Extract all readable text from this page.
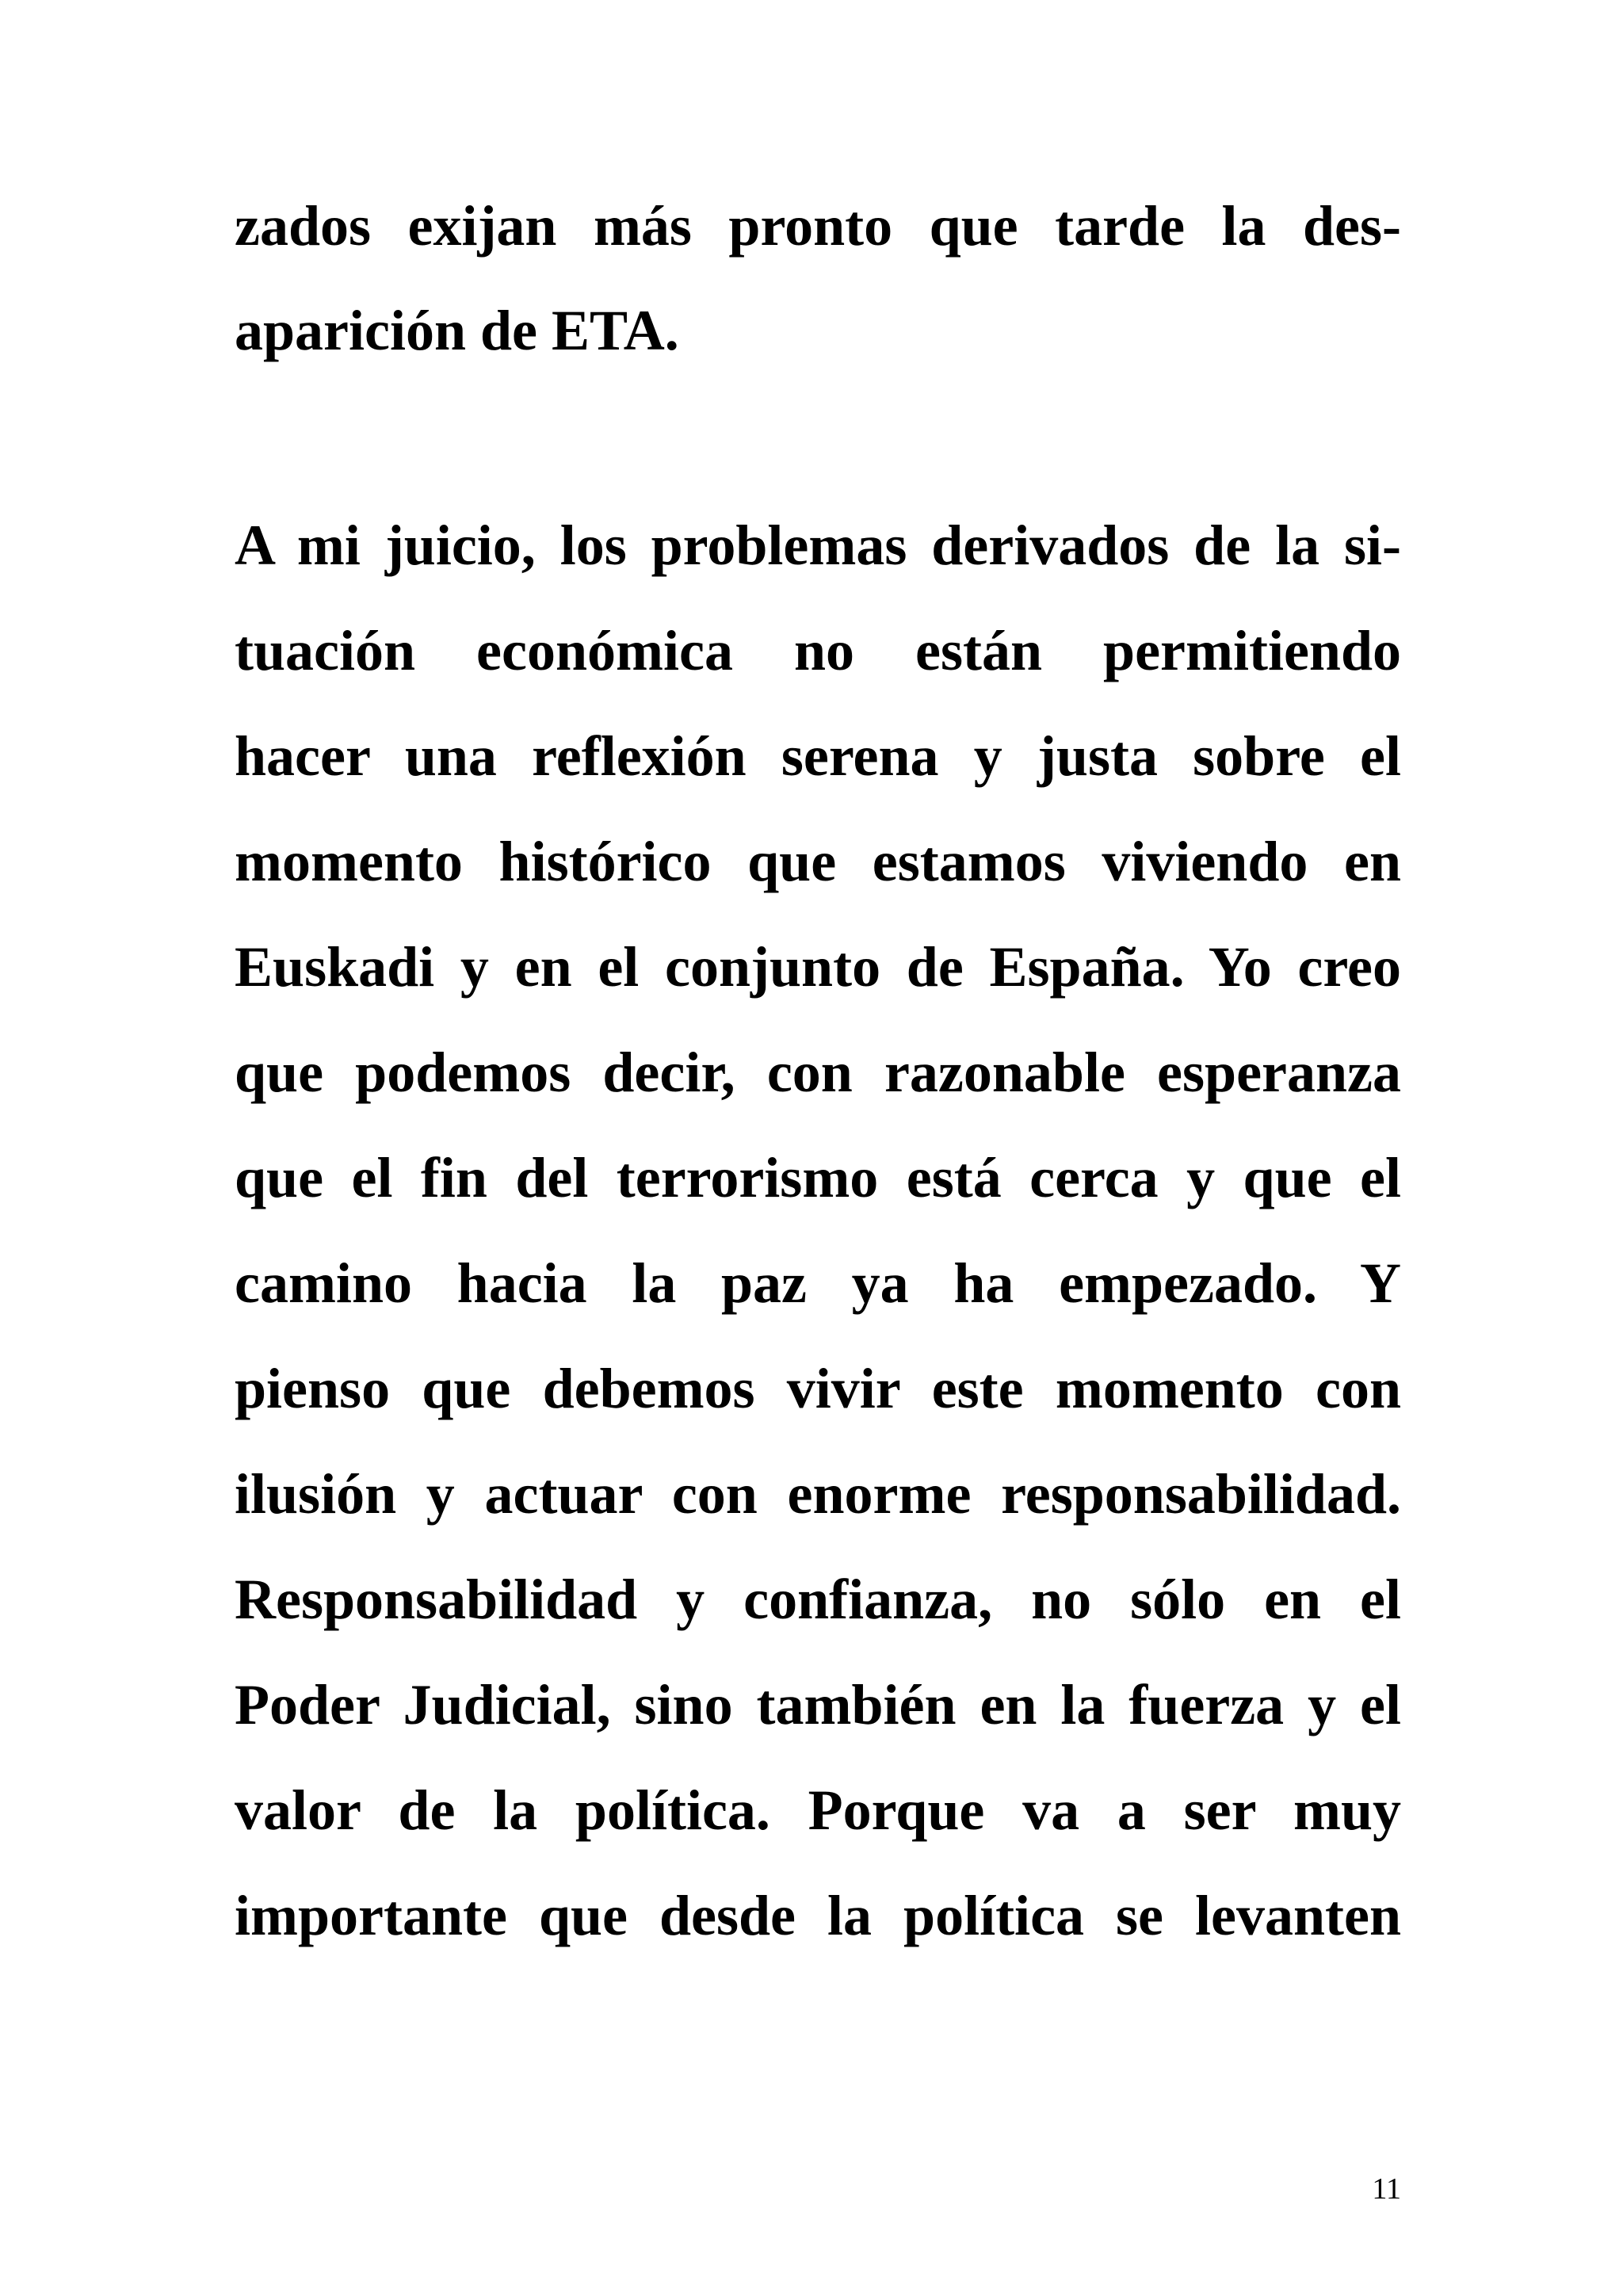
zados exijan más pronto que tarde la des-
aparición de ETA.
A mi juicio, los problemas derivados de la si-
tuación económica no están permitiendo
hacer una reflexión serena y justa sobre el
momento histórico que estamos viviendo en
Euskadi y en el conjunto de España. Yo creo
que podemos decir, con razonable esperanza
que el fin del terrorismo está cerca y que el
camino hacia la paz ya ha empezado. Y
pienso que debemos vivir este momento con
ilusión y actuar con enorme responsabilidad.
Responsabilidad y confianza, no sólo en el
Poder Judicial, sino también en la fuerza y el
valor de la política. Porque va a ser muy
importante que desde la política se levanten
11
